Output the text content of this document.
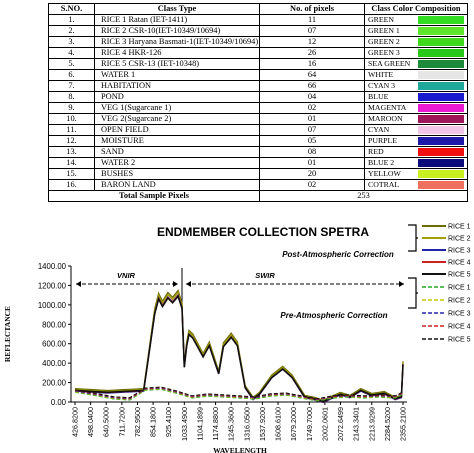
S.NO.	Class Type	No. of pixels	Class Color Composition
1.	RICE 1 Ratan (IET-1411)	11	GREEN

2.	RICE 2 CSR-10(IET-10349/10694)	07	GREEN 1

3.	RICE 3 Haryana Basmati-1(IET-10349/10694)	12	GREEN 2

4.	RICE 4 HKR-126	26	GREEN 3

5.	RICE 5 CSR-13 (IET-10348)	16	SEA GREEN

6.	WATER 1	64	WHITE

7.	HABITATION	66	CYAN 3

8.	POND	04	BLUE

9.	VEG 1(Sugarcane 1)	02	MAGENTA

10.	VEG 2(Sugarcane 2)	01	MAROON

11.	OPEN FIELD	07	CYAN

12.	MOISTURE	05	PURPLE

13.	SAND	08	RED

14.	WATER 2	01	BLUE 2

15.	BUSHES	20	YELLOW

16.	BARON LAND	02	COTRAL

Total Sample Pixels		253	
ENDMEMBER COLLECTION SPETRA
0.00
200.00
400.00
600.00
800.00
1000.00
1200.00
1400.00
426.8200 498.0400 640.5000 711.7200 782.9500 854.1800 925.4100 1033.4900 1104.1899 1174.8800 1245.3600 1316.0500 1537.9200 1608.6100 1679.2000 1749.7000 2002.0601 2072.6499 2143.3401 2213.9299 2284.5200 2355.2100
REFLECTANCE
WAVELENGTH
VNIR	SWIR
Post-Atmospheric Correction
Pre-Atmospheric Correction
RICE 1
RICE 2
RICE 3
RICE 4
RICE 5
RICE 1
RICE 2
RICE 3
RICE 4
RICE 5
